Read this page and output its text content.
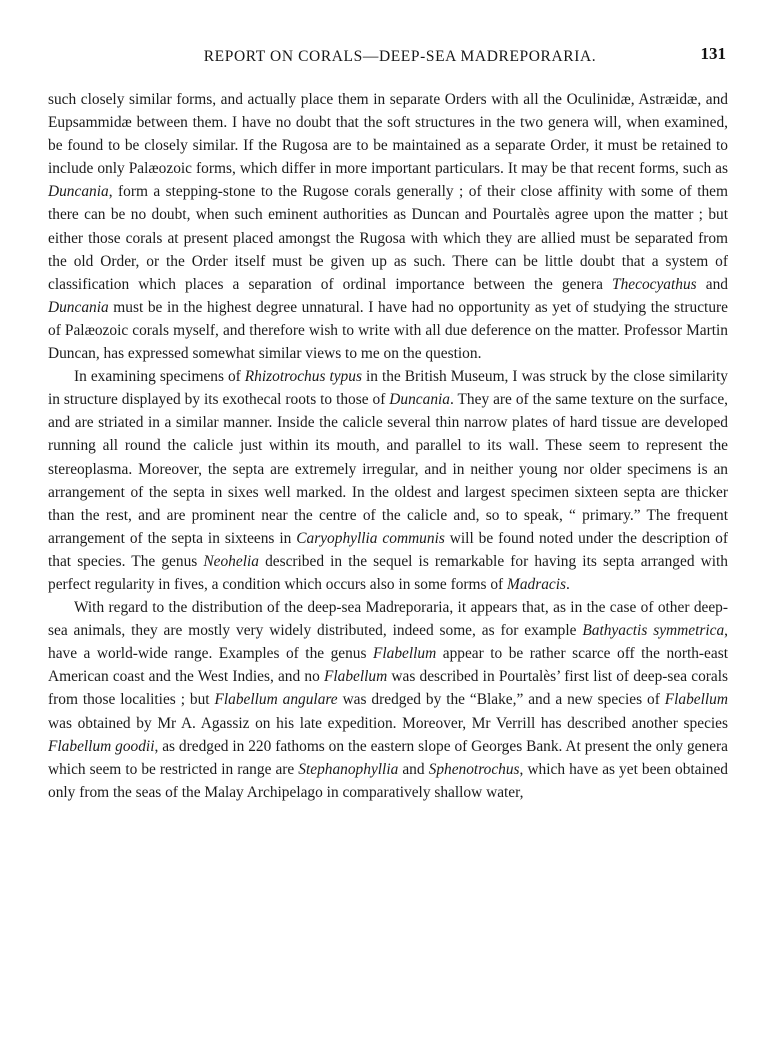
REPORT ON CORALS—DEEP-SEA MADREPORARIA.	131

such closely similar forms, and actually place them in separate Orders with all the Oculinidæ, Astræidæ, and Eupsammidæ between them. I have no doubt that the soft structures in the two genera will, when examined, be found to be closely similar. If the Rugosa are to be maintained as a separate Order, it must be retained to include only Palæozoic forms, which differ in more important particulars. It may be that recent forms, such as Duncania, form a stepping-stone to the Rugose corals generally ; of their close affinity with some of them there can be no doubt, when such eminent authorities as Duncan and Pourtalès agree upon the matter ; but either those corals at present placed amongst the Rugosa with which they are allied must be separated from the old Order, or the Order itself must be given up as such. There can be little doubt that a system of classification which places a separation of ordinal importance between the genera Thecocyathus and Duncania must be in the highest degree unnatural. I have had no opportunity as yet of studying the structure of Palæozoic corals myself, and therefore wish to write with all due deference on the matter. Professor Martin Duncan, has expressed somewhat similar views to me on the question.

In examining specimens of Rhizotrochus typus in the British Museum, I was struck by the close similarity in structure displayed by its exothecal roots to those of Duncania. They are of the same texture on the surface, and are striated in a similar manner. Inside the calicle several thin narrow plates of hard tissue are developed running all round the calicle just within its mouth, and parallel to its wall. These seem to represent the stereoplasma. Moreover, the septa are extremely irregular, and in neither young nor older specimens is an arrangement of the septa in sixes well marked. In the oldest and largest specimen sixteen septa are thicker than the rest, and are prominent near the centre of the calicle and, so to speak, “ primary.” The frequent arrangement of the septa in sixteens in Caryophyllia communis will be found noted under the description of that species. The genus Neohelia described in the sequel is remarkable for having its septa arranged with perfect regularity in fives, a condition which occurs also in some forms of Madracis.

With regard to the distribution of the deep-sea Madreporaria, it appears that, as in the case of other deep-sea animals, they are mostly very widely distributed, indeed some, as for example Bathyactis symmetrica, have a world-wide range. Examples of the genus Flabellum appear to be rather scarce off the north-east American coast and the West Indies, and no Flabellum was described in Pourtalès’ first list of deep-sea corals from those localities ; but Flabellum angulare was dredged by the “Blake,” and a new species of Flabellum was obtained by Mr A. Agassiz on his late expedition. Moreover, Mr Verrill has described another species Flabellum goodii, as dredged in 220 fathoms on the eastern slope of Georges Bank. At present the only genera which seem to be restricted in range are Stephanophyllia and Sphenotrochus, which have as yet been obtained only from the seas of the Malay Archipelago in comparatively shallow water,
